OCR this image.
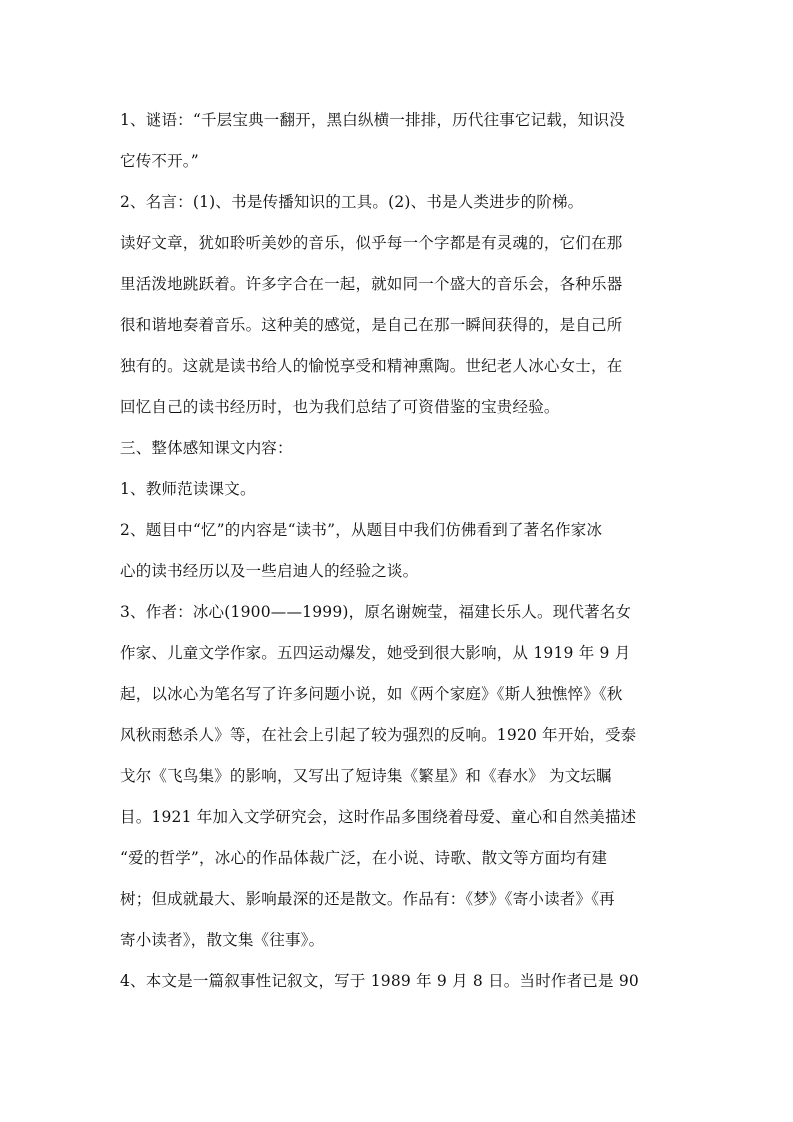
1、谜语：“千层宝典一翻开，黑白纵横一排排，历代往事它记载，知识没
它传不开。”
2、名言：(1)、书是传播知识的工具。(2)、书是人类进步的阶梯。
读好文章，犹如聆听美妙的音乐，似乎每一个字都是有灵魂的，它们在那
里活泼地跳跃着。许多字合在一起，就如同一个盛大的音乐会，各种乐器
很和谐地奏着音乐。这种美的感觉，是自己在那一瞬间获得的，是自己所
独有的。这就是读书给人的愉悦享受和精神熏陶。世纪老人冰心女士，在
回忆自己的读书经历时，也为我们总结了可资借鉴的宝贵经验。
三、整体感知课文内容：
1、教师范读课文。
2、题目中“忆”的内容是“读书”，从题目中我们仿佛看到了著名作家冰
心的读书经历以及一些启迪人的经验之谈。
3、作者：冰心(1900——1999)，原名谢婉莹，福建长乐人。现代著名女
作家、儿童文学作家。五四运动爆发，她受到很大影响，从 1919 年 9 月
起，以冰心为笔名写了许多问题小说，如《两个家庭》《斯人独憔悴》《秋
风秋雨愁杀人》等，在社会上引起了较为强烈的反响。1920 年开始，受泰
戈尔《飞鸟集》的影响，又写出了短诗集《繁星》和《春水》 为文坛瞩
目。1921 年加入文学研究会，这时作品多围绕着母爱、童心和自然美描述
“爱的哲学”，冰心的作品体裁广泛，在小说、诗歌、散文等方面均有建
树；但成就最大、影响最深的还是散文。作品有：《梦》《寄小读者》《再
寄小读者》，散文集《往事》。
4、本文是一篇叙事性记叙文，写于 1989 年 9 月 8 日。当时作者已是 90
